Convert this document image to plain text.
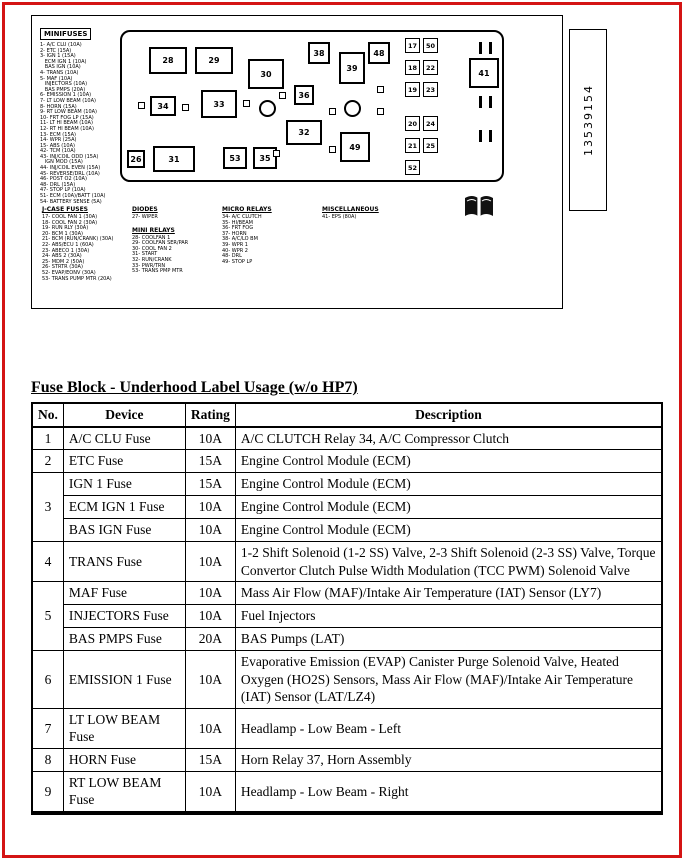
MINIFUSES
1- A/C CLU (10A)
2- ETC (15A)
3- IGN 1 (15A)
ECM IGN 1 (10A)
BAS IGN (10A)
4- TRANS (10A)
5- MAF (10A)
INJECTORS (10A)
BAS PMPS (20A)
6- EMISSION 1 (10A)
7- LT LOW BEAM (10A)
8- HORN (15A)
9- RT LOW BEAM (10A)
10- FRT FOG LP (15A)
11- LT HI BEAM (10A)
12- RT HI BEAM (10A)
13- ECM (15A)
14- WPR (25A)
15- ABS (10A)
42- TCM (10A)
43- INJ/COIL ODD (15A)
IGN MOD (15A)
44- INJ/COIL EVEN (15A)
45- REVERSE/DRL (10A)
46- POST O2 (10A)
48- DRL (15A)
47- STOP LP (10A)
51- ECM (10A)/BATT (10A)
54- BATTERY SENSE (5A)
J-CASE FUSES
17- COOL FAN 1 (30A)
18- COOL FAN 2 (30A)
19- RUN RLY (30A)
20- BCM 1 (30A)
21- BCM (RUN/CRANK) (30A)
22- ABS/ECU 1 (60A)
23- ABECO 1 (30A)
24- ABS 2 (30A)
25- MDM 2 (50A)
26- STRTR (30A)
52- EVAP/EONV (30A)
53- TRANS PUMP MTR (20A)
DIODES
27- WIPER
MINI RELAYS
28- COOLFAN 1
29- COOLFAN SER/PAR
30- COOL FAN 2
31- START
32- RUN/CRANK
33- PWR/TRN
53- TRANS PMP MTR
MICRO RELAYS
34- A/C CLUTCH
35- HI/BEAM
36- FRT FOG
37- HORN
38- A/C/LO BM
39- WPR 1
40- WPR 2
48- DRL
49- STOP LP
MISCELLANEOUS
41- EPS (80A)
28	29
30
38
39
48
17 50
18 22
19 23
20 24
21 25
52
34	33
36
32
49
26	31	53 35
41
13539154
Fuse Block - Underhood Label Usage (w/o HP7)
No.	Device	Rating	Description
1	A/C CLU Fuse	10A	A/C CLUTCH Relay 34, A/C Compressor Clutch
2	ETC Fuse	15A	Engine Control Module (ECM)
3	IGN 1 Fuse	15A	Engine Control Module (ECM)
	ECM IGN 1 Fuse	10A	Engine Control Module (ECM)
	BAS IGN Fuse	10A	Engine Control Module (ECM)
4	TRANS Fuse	10A	1-2 Shift Solenoid (1-2 SS) Valve, 2-3 Shift Solenoid (2-3 SS) Valve, Torque Convertor Clutch Pulse Width Modulation (TCC PWM) Solenoid Valve
5	MAF Fuse	10A	Mass Air Flow (MAF)/Intake Air Temperature (IAT) Sensor (LY7)
	INJECTORS Fuse	10A	Fuel Injectors
	BAS PMPS Fuse	20A	BAS Pumps (LAT)
6	EMISSION 1 Fuse	10A	Evaporative Emission (EVAP) Canister Purge Solenoid Valve, Heated Oxygen (HO2S) Sensors, Mass Air Flow (MAF)/Intake Air Temperature (IAT) Sensor (LAT/LZ4)
7	LT LOW BEAM Fuse	10A	Headlamp - Low Beam - Left
8	HORN Fuse	15A	Horn Relay 37, Horn Assembly
9	RT LOW BEAM Fuse	10A	Headlamp - Low Beam - Right
